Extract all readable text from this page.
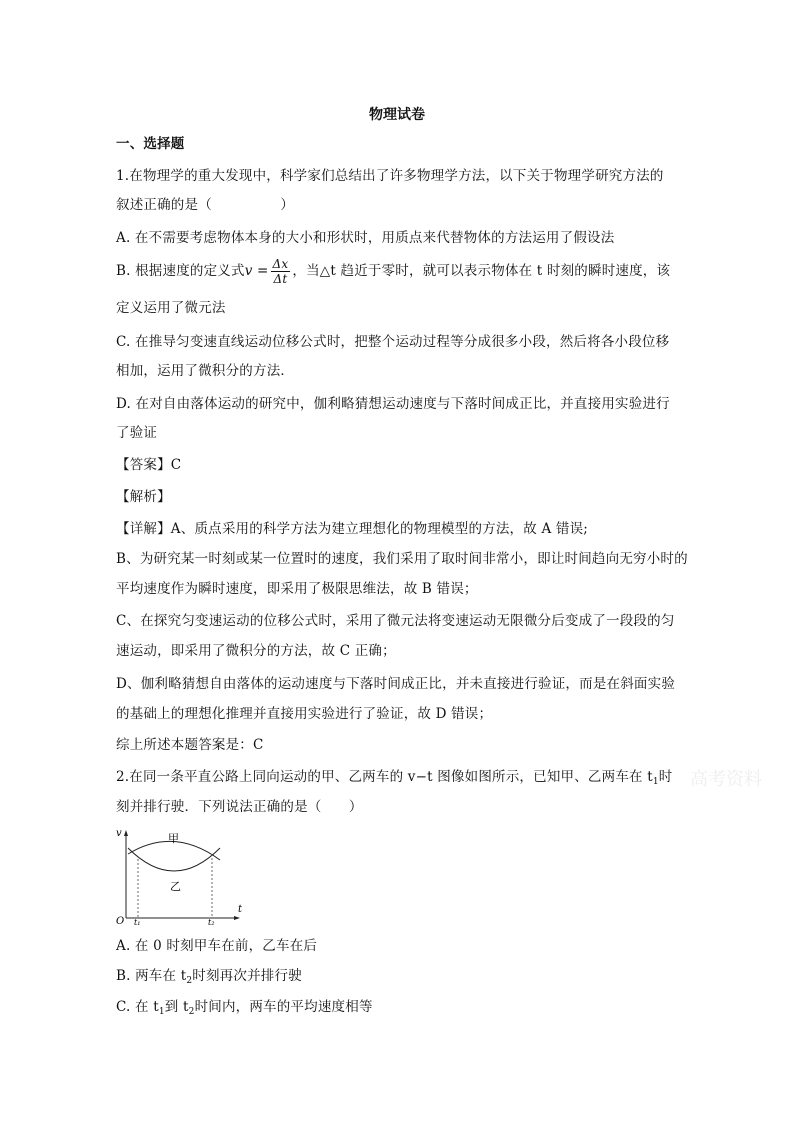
物理试卷
一、选择题
1.在物理学的重大发现中，科学家们总结出了许多物理学方法，以下关于物理学研究方法的
叙述正确的是（　　　　　）
A. 在不需要考虑物体本身的大小和形状时，用质点来代替物体的方法运用了假设法
B. 根据速度的定义式$v = \frac{\Delta x}{\Delta t}$ ，当△t 趋近于零时，就可以表示物体在 t 时刻的瞬时速度，该
定义运用了微元法
C. 在推导匀变速直线运动位移公式时，把整个运动过程等分成很多小段，然后将各小段位移
相加，运用了微积分的方法．
D. 在对自由落体运动的研究中，伽利略猜想运动速度与下落时间成正比，并直接用实验进行
了验证
【答案】C
【解析】
【详解】A、质点采用的科学方法为建立理想化的物理模型的方法，故 A 错误;
B、为研究某一时刻或某一位置时的速度，我们采用了取时间非常小，即让时间趋向无穷小时的
平均速度作为瞬时速度，即采用了极限思维法，故 B 错误；
C、在探究匀变速运动的位移公式时，采用了微元法将变速运动无限微分后变成了一段段的匀
速运动，即采用了微积分的方法，故 C 正确；
D、伽利略猜想自由落体的运动速度与下落时间成正比，并未直接进行验证，而是在斜面实验
的基础上的理想化推理并直接用实验进行了验证，故 D 错误；
综上所述本题答案是：C
2.在同一条平直公路上同向运动的甲、乙两车的 v−t 图像如图所示，已知甲、乙两车在 $t_1$时
刻并排行驶．下列说法正确的是（　　）
v
t
O
甲
乙
t₁	t₂
A. 在 0 时刻甲车在前，乙车在后
B. 两车在 $t_2$时刻再次并排行驶
C. 在 $t_1$到 $t_2$时间内，两车的平均速度相等
高考资料
